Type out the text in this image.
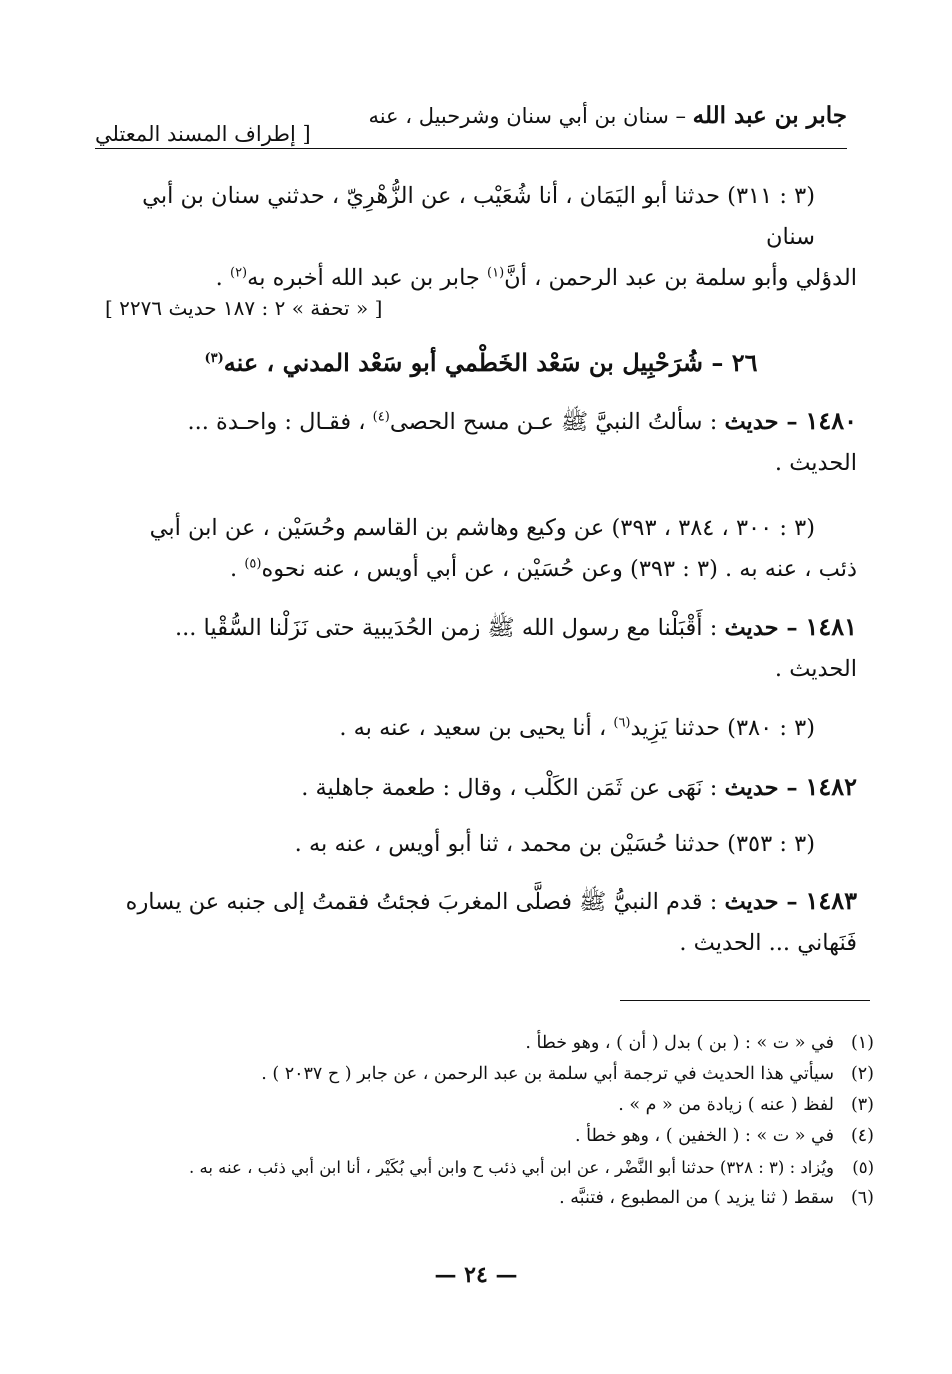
جابر بن عبد الله – سنان بن أبي سنان وشرحبيل ، عنه
[ إطراف المسند المعتلي
(٣ : ٣١١) حدثنا أبو اليَمَان ، أنا شُعَيْب ، عن الزُّهْرِيّ ، حدثني سنان بن أبي سنان
الدؤلي وأبو سلمة بن عبد الرحمن ، أنَّ$^{(١)}$ جابر بن عبد الله أخبره به$^{(٢)}$ .
[ « تحفة » ٢ : ١٨٧ حديث ٢٢٧٦ ]
٢٦ – شُرَحْبِيل بن سَعْد الخَطْمي أبو سَعْد المدني ، عنه$^{(٣)}$
١٤٨٠ – حديث : سألتُ النبيَّ ﷺ عـن مسح الحصى$^{(٤)}$ ، فقـال : واحـدة ...
الحديث .
(٣ : ٣٠٠ ، ٣٨٤ ، ٣٩٣) عن وكيع وهاشم بن القاسم وحُسَيْن ، عن ابن أبي
ذئب ، عنه به . (٣ : ٣٩٣) وعن حُسَيْن ، عن أبي أويس ، عنه نحوه$^{(٥)}$ .
١٤٨١ – حديث : أَقْبَلْنا مع رسول الله ﷺ زمن الحُدَيبية حتى نَزَلْنا السُّقْيا ...
الحديث .
(٣ : ٣٨٠) حدثنا يَزِيد$^{(٦)}$ ، أنا يحيى بن سعيد ، عنه به .
١٤٨٢ – حديث : نَهَى عن ثَمَن الكَلْب ، وقال : طعمة جاهلية .
(٣ : ٣٥٣) حدثنا حُسَيْن بن محمد ، ثنا أبو أويس ، عنه به .
١٤٨٣ – حديث : قدم النبيُّ ﷺ فصلَّى المغربَ فجئتُ فقمتُ إلى جنبه عن يساره
فَنَهاني ... الحديث .
(١)في « ت » : ( بن ) بدل ( أن ) ، وهو خطأ .
(٢)سيأتي هذا الحديث في ترجمة أبي سلمة بن عبد الرحمن ، عن جابر ( ح ٢٠٣٧ ) .
(٣)لفظ ( عنه ) زيادة من « م » .
(٤)في « ت » : ( الخفين ) ، وهو خطأ .
(٥)ويُزاد : (٣ : ٣٢٨) حدثنا أبو النَّضْر ، عن ابن أبي ذئب ح وابن أبي بُكَيْر ، أنا ابن أبي ذئب ، عنه به .
(٦)سقط ( ثنا يزيد ) من المطبوع ، فتنبَّه .
— ٢٤ —
